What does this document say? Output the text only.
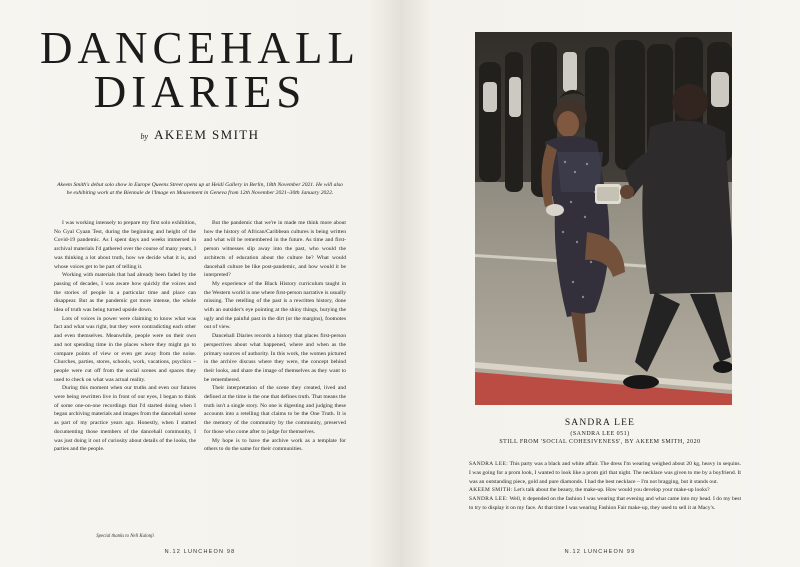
DANCEHALL
DIARIES
by AKEEM SMITH
Akeem Smith's debut solo show in Europe Queens Street opens up at Heidi Gallery in Berlin, 18th November 2021. He will also be exhibiting work at the Biennale de l'Image en Mouvement in Geneva from 12th November 2021–30th January 2022.

I was working intensely to prepare my first solo exhibition, No Gyal Cyaan Test, during the beginning and height of the Covid-19 pandemic. As I spent days and weeks immersed in archival materials I'd gathered over the course of many years, I was thinking a lot about truth, how we decide what it is, and whose voices get to be part of telling it.

Working with materials that had already been faded by the passing of decades, I was aware how quickly the voices and the stories of people in a particular time and place can disappear. But as the pandemic got more intense, the whole idea of truth was being turned upside down.

Lots of voices in power were claiming to know what was fact and what was right, but they were contradicting each other and even themselves. Meanwhile, people were on their own and not spending time in the places where they might go to compare points of view or even get away from the noise. Churches, parties, stores, schools, work, vacations, psychics – people were cut off from the social scenes and spaces they used to check on what was actual reality.

During this moment when our truths and even our futures were being rewritten live in front of our eyes, I began to think of some one-on-one recordings that I'd started doing when I began archiving materials and images from the dancehall scene as part of my practice years ago. Honestly, when I started documenting those members of the dancehall community, I was just doing it out of curiosity about details of the looks, the parties and the people.

But the pandemic that we're in made me think more about how the history of African/Caribbean cultures is being written and what will be remembered in the future. As time and first-person witnesses slip away into the past, who would the architects of education about the culture be? What would dancehall culture be like post-pandemic, and how would it be interpreted?

My experience of the Black History curriculum taught in the Western world is one where first-person narrative is usually missing. The retelling of the past is a rewritten history, done with an outsider's eye pointing at the shiny things, burying the ugly and the painful past in the dirt (or the margins), footnotes out of view.

Dancehall Diaries records a history that places first-person perspectives about what happened, where and when as the primary sources of authority. In this work, the women pictured in the archive discuss where they were, the concept behind their looks, and share the image of themselves as they want to be remembered.

Their interpretation of the scene they created, lived and defined at the time is the one that defines truth. That means the truth isn't a single story. No one is digesting and judging these accounts into a retelling that claims to be the One Truth. It is the memory of the community by the community, preserved for those who come after to judge for themselves.

My hope is to have the archive work as a template for others to do the same for their communities.

Special thanks to Nell Kalonji
N.12 LUNCHEON 98
SANDRA LEE
(SANDRA LEE 051)
STILL FROM 'SOCIAL COHESIVENESS', BY AKEEM SMITH, 2020

SANDRA LEE: This party was a black and white affair. The dress I'm wearing weighed about 20 kg, heavy in sequins. I was going for a prom look, I wanted to look like a prom girl that night. The necklace was given to me by a boyfriend. It was an outstanding piece, gold and pure diamonds. I had the best necklace – I'm not bragging, but it stands out.

AKEEM SMITH: Let's talk about the beauty, the make-up. How would you develop your make-up looks?

SANDRA LEE: Well, it depended on the fashion I was wearing that evening and what came into my head. I do my best to try to display it on my face. At that time I was wearing Fashion Fair make-up, they used to sell it at Macy's.

N.12 LUNCHEON 99
